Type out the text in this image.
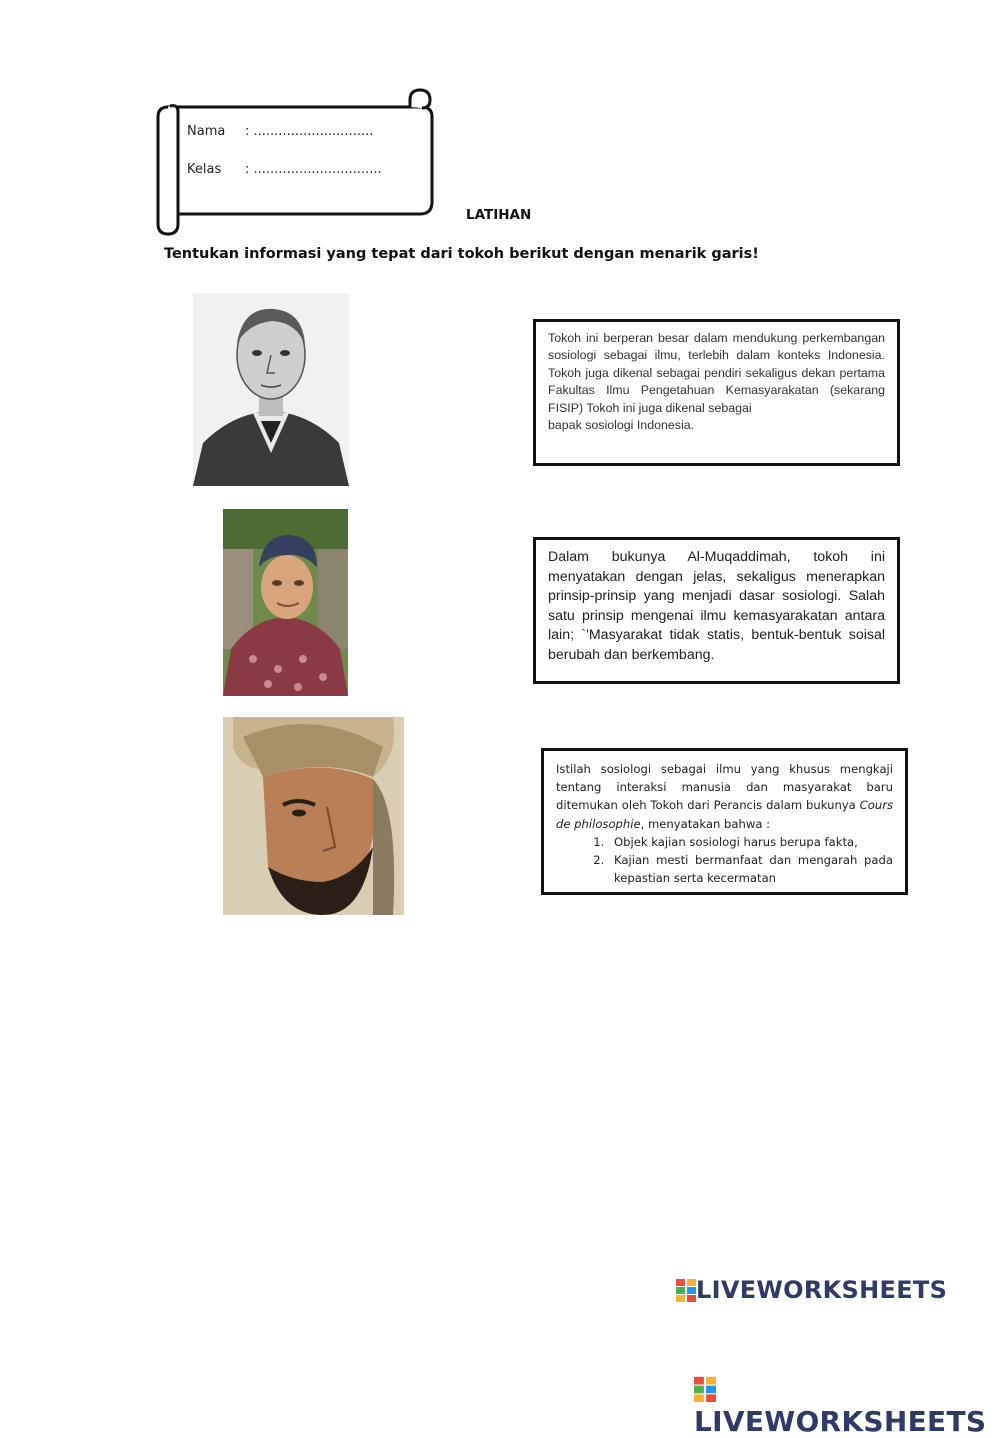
Nama : .............................
Kelas : ...............................
LATIHAN
Tentukan informasi yang tepat dari tokoh berikut dengan menarik garis!

Tokoh ini berperan besar dalam mendukung perkembangan sosiologi sebagai ilmu, terlebih dalam konteks Indonesia. Tokoh juga dikenal sebagai pendiri sekaligus dekan pertama Fakultas Ilmu Pengetahuan Kemasyarakatan (sekarang FISIP) Tokoh ini juga dikenal sebagai

bapak sosiologi Indonesia.

Dalam bukunya Al-Muqaddimah, tokoh ini menyatakan dengan jelas, sekaligus menerapkan prinsip-prinsip yang menjadi dasar sosiologi. Salah satu prinsip mengenai ilmu kemasyarakatan antara lain; `'Masyarakat tidak statis, bentuk-bentuk soisal berubah dan berkembang.

Istilah sosiologi sebagai ilmu yang khusus mengkaji tentang interaksi manusia dan masyarakat baru ditemukan oleh Tokoh dari Perancis dalam bukunya Cours de philosophie, menyatakan bahwa :

1. Objek kajian sosiologi harus berupa fakta,
2. Kajian mesti bermanfaat dan mengarah pada kepastian serta kecermatan
LIVEWORKSHEETS
LIVEWORKSHEETS
